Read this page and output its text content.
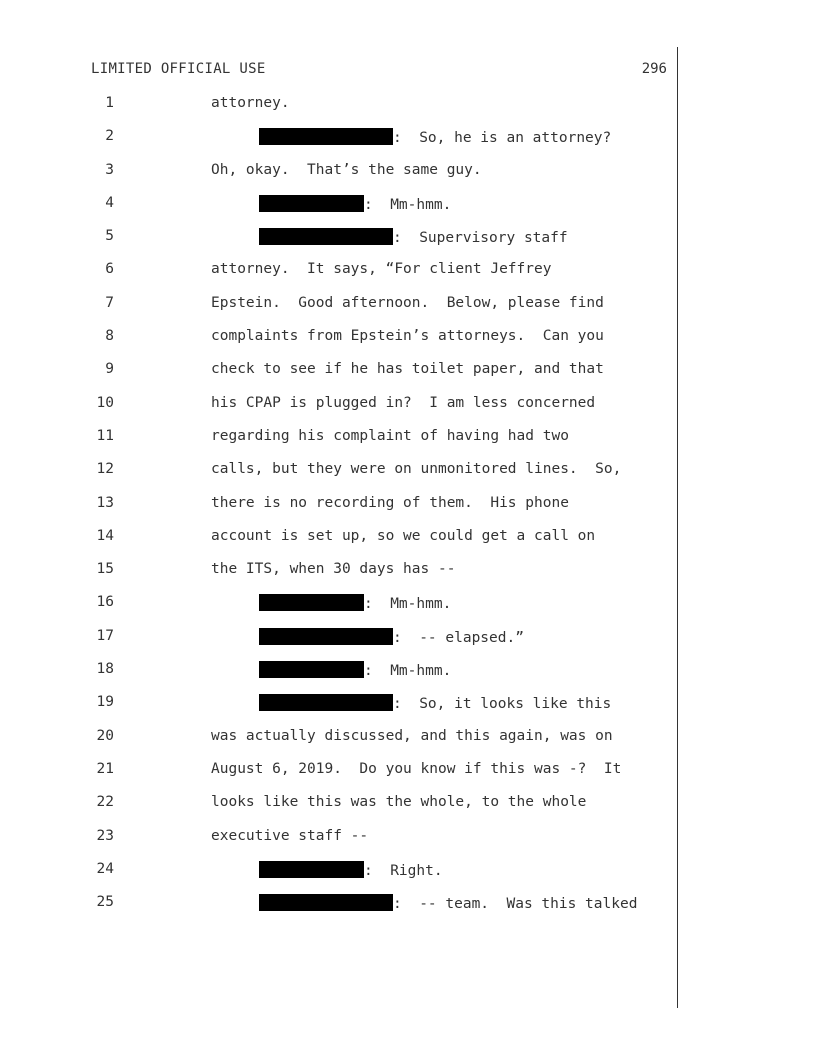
LIMITED OFFICIAL USE	296
1	attorney.
2	:  So, he is an attorney?
3	Oh, okay.  That’s the same guy.
4	:  Mm-hmm.
5	:  Supervisory staff
6	attorney.  It says, “For client Jeffrey
7	Epstein.  Good afternoon.  Below, please find
8	complaints from Epstein’s attorneys.  Can you
9	check to see if he has toilet paper, and that
10	his CPAP is plugged in?  I am less concerned
11	regarding his complaint of having had two
12	calls, but they were on unmonitored lines.  So,
13	there is no recording of them.  His phone
14	account is set up, so we could get a call on
15	the ITS, when 30 days has --
16	:  Mm-hmm.
17	:  -- elapsed.”
18	:  Mm-hmm.
19	:  So, it looks like this
20	was actually discussed, and this again, was on
21	August 6, 2019.  Do you know if this was -?  It
22	looks like this was the whole, to the whole
23	executive staff --
24	:  Right.
25	:  -- team.  Was this talked
